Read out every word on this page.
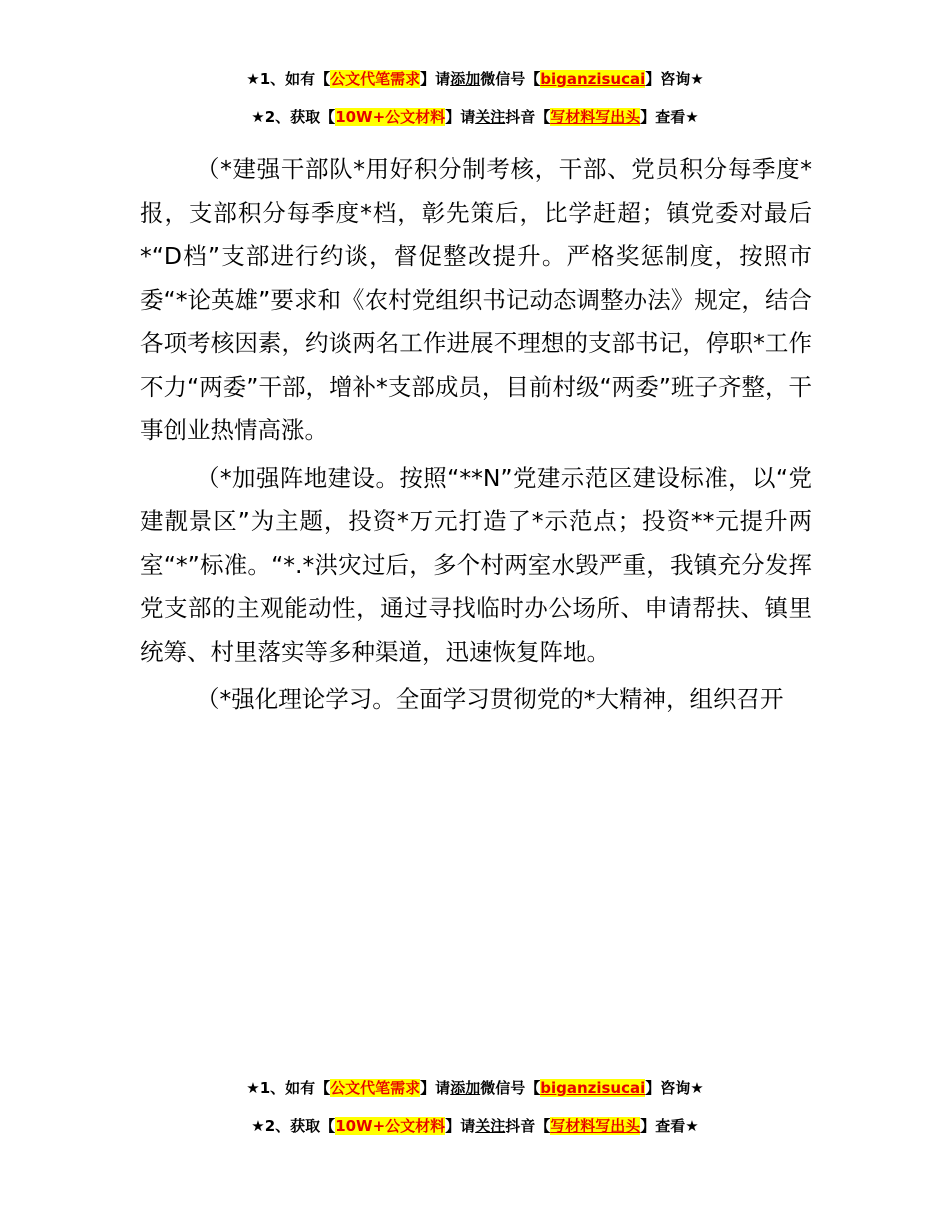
★1、如有【公文代笔需求】请添加微信号【biganzisucai】咨询★
★2、获取【10W+公文材料】请关注抖音【写材料写出头】查看★

（*建强干部队*用好积分制考核，干部、党员积分每季度*报，支部积分每季度*档，彰先策后，比学赶超；镇党委对最后*“D档”支部进行约谈，督促整改提升。严格奖惩制度，按照市委“*论英雄”要求和《农村党组织书记动态调整办法》规定，结合各项考核因素，约谈两名工作进展不理想的支部书记，停职*工作不力“两委”干部，增补*支部成员，目前村级“两委”班子齐整，干事创业热情高涨。

（*加强阵地建设。按照“**N”党建示范区建设标准，以“党建靓景区”为主题，投资*万元打造了*示范点；投资**元提升两室“*”标准。“*.*洪灾过后，多个村两室水毁严重，我镇充分发挥党支部的主观能动性，通过寻找临时办公场所、申请帮扶、镇里统筹、村里落实等多种渠道，迅速恢复阵地。

（*强化理论学习。全面学习贯彻党的*大精神，组织召开

★1、如有【公文代笔需求】请添加微信号【biganzisucai】咨询★
★2、获取【10W+公文材料】请关注抖音【写材料写出头】查看★
